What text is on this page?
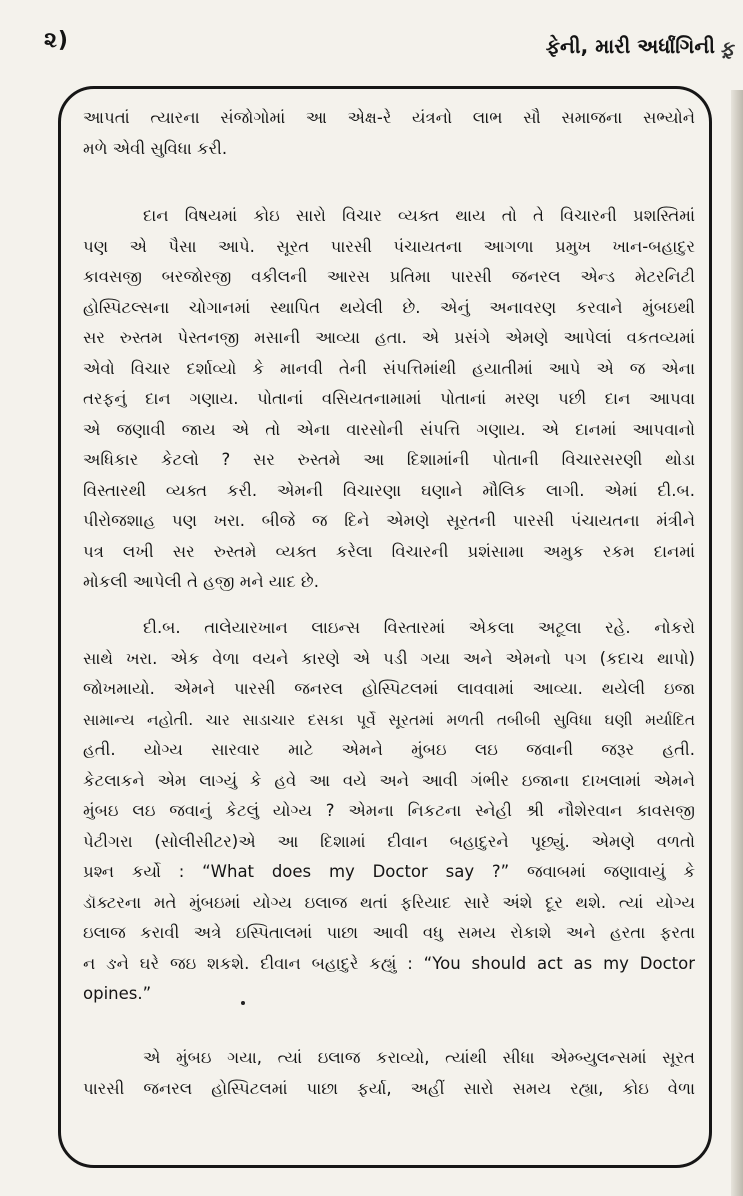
૨)	ફેની, મારી અર્ધાંગિની ફ઼
આપતાં ત્યારના સંજોગોમાં આ એક્ષ-રે યંત્રનો લાભ સૌ સમાજના સભ્યોને
મળે એવી સુવિધા કરી.
દાન વિષયમાં કોઇ સારો વિચાર વ્યક્ત થાય તો તે વિચારની પ્રશસ્તિમાં
પણ એ પૈસા આપે. સૂરત પારસી પંચાયતના આગળા પ્રમુખ ખાન-બહાદુર
કાવસજી બરજોરજી વકીલની આરસ પ્રતિમા પારસી જનરલ એન્ડ મેટરનિટી
હોસ્પિટલ્સના ચોગાનમાં સ્થાપિત થયેલી છે. એનું અનાવરણ કરવાને મુંબઇથી
સર રુસ્તમ પેસ્તનજી મસાની આવ્યા હતા. એ પ્રસંગે એમણે આપેલાં વકતવ્યમાં
એવો વિચાર દર્શાવ્યો કે માનવી તેની સંપત્તિમાંથી હયાતીમાં આપે એ જ એના
તરફનું દાન ગણાય. પોતાનાં વસિયતનામામાં પોતાનાં મરણ પછી દાન આપવા
એ જણાવી જાય એ તો એના વારસોની સંપત્તિ ગણાય. એ દાનમાં આપવાનો
અધિકાર કેટલો ? સર રુસ્તમે આ દિશામાંની પોતાની વિચારસરણી થોડા
વિસ્તારથી વ્યક્ત કરી. એમની વિચારણા ઘણાને મૌલિક લાગી. એમાં દી.બ.
પીરોજશાહ પણ ખરા. બીજે જ દિને એમણે સૂરતની પારસી પંચાયતના મંત્રીને
પત્ર લખી સર રુસ્તમે વ્યક્ત કરેલા વિચારની પ્રશંસામા અમુક રકમ દાનમાં
મોકલી આપેલી તે હજી મને યાદ છે.
દી.બ. તાલેયારખાન લાઇન્સ વિસ્તારમાં એકલા અટૂલા રહે. નોકરો
સાથે ખરા. એક વેળા વયને કારણે એ પડી ગયા અને એમનો પગ (કદાચ થાપો)
જોખમાયો. એમને પારસી જનરલ હોસ્પિટલમાં લાવવામાં આવ્યા. થયેલી ઇજા
સામાન્ય નહોતી. ચાર સાડાચાર દસકા પૂર્વે સૂરતમાં મળતી તબીબી સુવિધા ઘણી મર્યાદિત
હતી. યોગ્ય સારવાર માટે એમને મુંબઇ લઇ જવાની જરૂર હતી.
કેટલાકને એમ લાગ્યું કે હવે આ વયે અને આવી ગંભીર ઇજાના દાખલામાં એમને
મુંબઇ લઇ જવાનું કેટલું યોગ્ય ? એમના નિકટના સ્નેહી શ્રી નૌશેરવાન કાવસજી
પેટીગરા (સોલીસીટર)એ આ દિશામાં દીવાન બહાદુરને પૂછ્યું. એમણે વળતો
પ્રશ્ન કર્યો : “What does my Doctor say ?” જવાબમાં જણાવાયું કે
ડૉક્ટરના મતે મુંબઇમાં યોગ્ય ઇલાજ થતાં ફરિયાદ સારે અંશે દૂર થશે. ત્યાં યોગ્ય
ઇલાજ કરાવી અત્રે ઇસ્પિતાલમાં પાછા આવી વધુ સમય રોકાશે અને હરતા ફરતા
ન ઙને ઘરે જઇ શકશે. દીવાન બહાદુરે કહ્યું : “You should act as my Doctor
opines.”
એ મુંબઇ ગયા, ત્યાં ઇલાજ કરાવ્યો, ત્યાંથી સીધા એમ્બ્યુલન્સમાં સૂરત
પારસી જનરલ હોસ્પિટલમાં પાછા ફર્યા, અહીં સારો સમય રહ્યા, કોઇ વેળા
